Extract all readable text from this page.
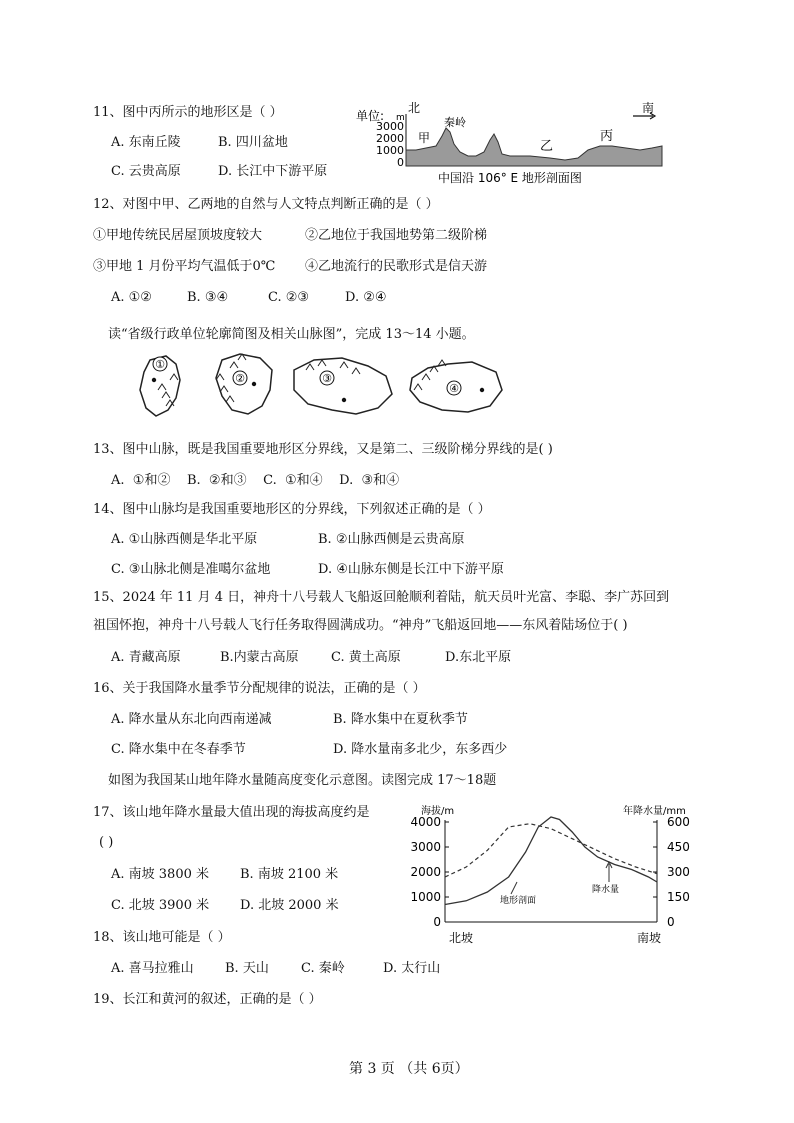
11、图中丙所示的地形区是（ ）
A. 东南丘陵	B. 四川盆地
C. 云贵高原	D. 长江中下游平原
单位: m
北	南
3000
2000
1000
0
甲
秦岭
乙
丙
中国沿 106° E 地形剖面图
12、对图中甲、乙两地的自然与人文特点判断正确的是（ ）
①甲地传统民居屋顶坡度较大	②乙地位于我国地势第二级阶梯
③甲地 1 月份平均气温低于0℃ ④乙地流行的民歌形式是信天游
A. ①②	B. ③④	C. ②③	D. ②④
读“省级行政单位轮廓简图及相关山脉图”，完成 13～14 小题。
①
②	③
④
13、图中山脉，既是我国重要地形区分界线，又是第二、三级阶梯分界线的是( )
A.  ①和②    B.  ②和③    C.  ①和④    D.  ③和④
14、图中山脉均是我国重要地形区的分界线，下列叙述正确的是（ ）
A. ①山脉西侧是华北平原	B. ②山脉西侧是云贵高原
C. ③山脉北侧是准噶尔盆地	D. ④山脉东侧是长江中下游平原
15、2024 年 11 月 4 日，神舟十八号载人飞船返回舱顺利着陆，航天员叶光富、李聪、李广苏回到
祖国怀抱，神舟十八号载人飞行任务取得圆满成功。“神舟”飞船返回地——东风着陆场位于( )
A. 青藏高原	B.内蒙古高原 C. 黄土高原	D.东北平原
16、关于我国降水量季节分配规律的说法，正确的是（ ）
A. 降水量从东北向西南递减	B. 降水集中在夏秋季节
C. 降水集中在冬春季节	D. 降水量南多北少，东多西少
如图为我国某山地年降水量随高度变化示意图。读图完成 17～18题
17、该山地年降水量最大值出现的海拔高度约是
( )
A. 南坡 3800 米 B. 南坡 2100 米
C. 北坡 3900 米 D. 北坡 2000 米
海拔/m	年降水量/mm
4000
3000
2000
1000
0
600
450
300
150
0
地形剖面
降水量
北坡	南坡
18、该山地可能是（ ）
A. 喜马拉雅山 B. 天山 C. 秦岭	D. 太行山
19、长江和黄河的叙述，正确的是（ ）
第 3 页 （共 6页）
